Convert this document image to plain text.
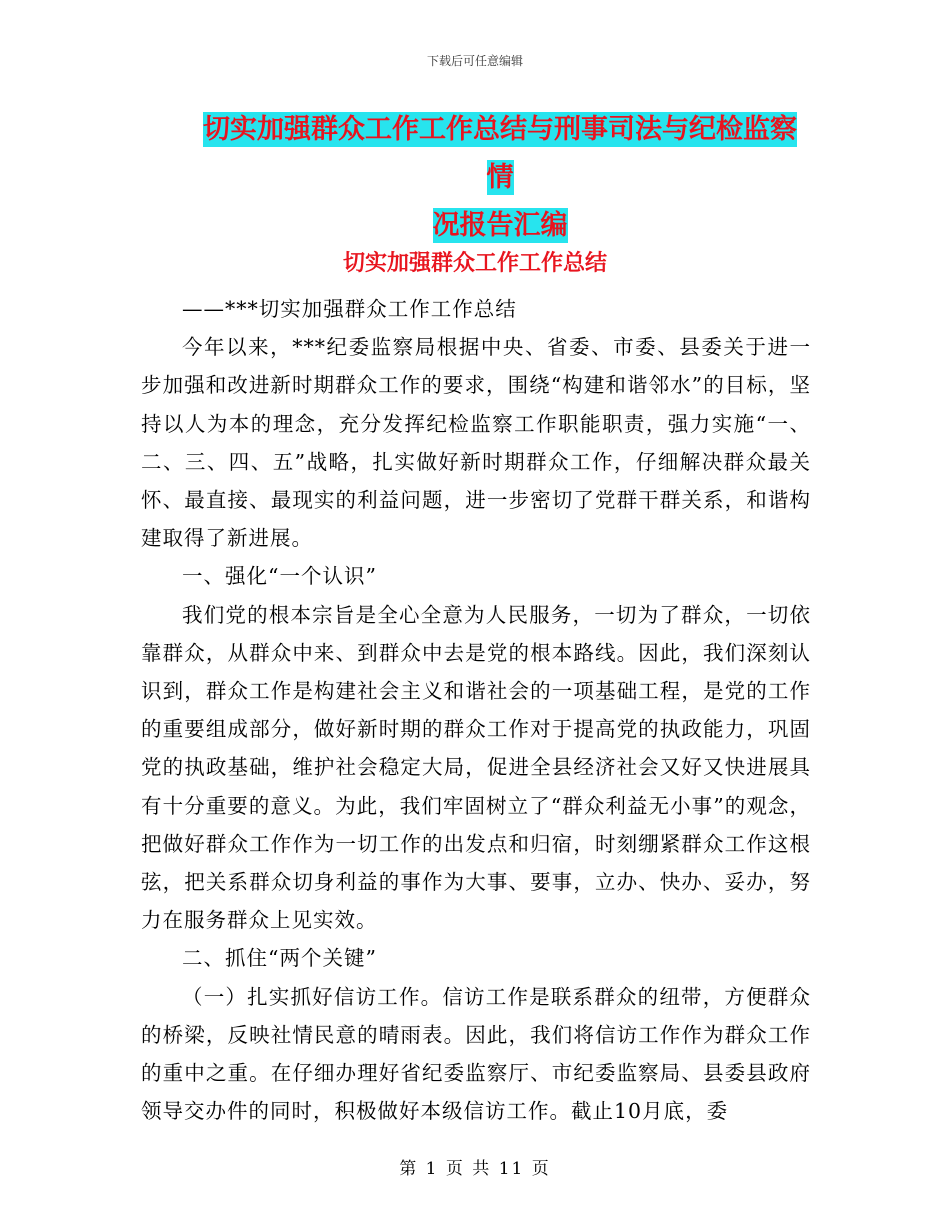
下载后可任意编辑
切实加强群众工作工作总结与刑事司法与纪检监察情
况报告汇编
切实加强群众工作工作总结

——***切实加强群众工作工作总结

今年以来，***纪委监察局根据中央、省委、市委、县委关于进一步加强和改进新时期群众工作的要求，围绕“构建和谐邻水”的目标，坚持以人为本的理念，充分发挥纪检监察工作职能职责，强力实施“一、二、三、四、五”战略，扎实做好新时期群众工作，仔细解决群众最关怀、最直接、最现实的利益问题，进一步密切了党群干群关系，和谐构建取得了新进展。

一、强化“一个认识”

我们党的根本宗旨是全心全意为人民服务，一切为了群众，一切依靠群众，从群众中来、到群众中去是党的根本路线。因此，我们深刻认识到，群众工作是构建社会主义和谐社会的一项基础工程，是党的工作的重要组成部分，做好新时期的群众工作对于提高党的执政能力，巩固党的执政基础，维护社会稳定大局，促进全县经济社会又好又快进展具有十分重要的意义。为此，我们牢固树立了“群众利益无小事”的观念，把做好群众工作作为一切工作的出发点和归宿，时刻绷紧群众工作这根弦，把关系群众切身利益的事作为大事、要事，立办、快办、妥办，努力在服务群众上见实效。

二、抓住“两个关键”

（一）扎实抓好信访工作。信访工作是联系群众的纽带，方便群众的桥梁，反映社情民意的晴雨表。因此，我们将信访工作作为群众工作的重中之重。在仔细办理好省纪委监察厅、市纪委监察局、县委县政府领导交办件的同时，积极做好本级信访工作。截止10月底，委

第 1 页 共 11 页
